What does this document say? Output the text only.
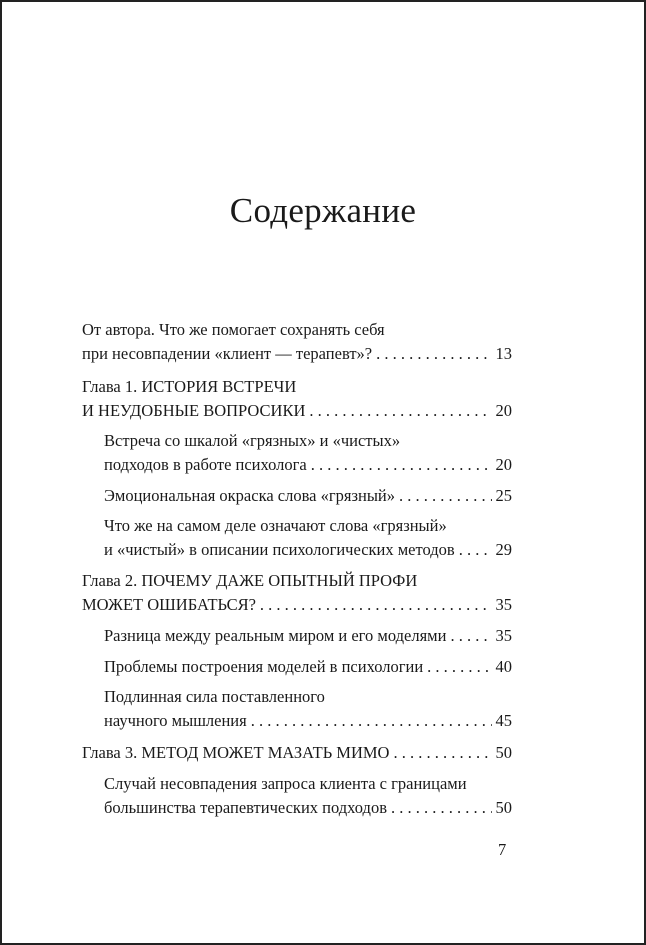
Содержание
От автора. Что же помогает сохранять себя
при несовпадении «клиент — терапевт»? . . .	13
Глава 1. ИСТОРИЯ ВСТРЕЧИ
И НЕУДОБНЫЕ ВОПРОСИКИ . . .	20
Встреча со шкалой «грязных» и «чистых»
подходов в работе психолога . . .	20
Эмоциональная окраска слова «грязный» . . .	25
Что же на самом деле означают слова «грязный»
и «чистый» в описании психологических методов . . . 29
Глава 2. ПОЧЕМУ ДАЖЕ ОПЫТНЫЙ ПРОФИ
МОЖЕТ ОШИБАТЬСЯ? . . .	35
Разница между реальным миром и его моделями . . .	35
Проблемы построения моделей в психологии . . .	40
Подлинная сила поставленного
научного мышления . . .	45
Глава 3. МЕТОД МОЖЕТ МАЗАТЬ МИМО . . .	50
Случай несовпадения запроса клиента с границами
большинства терапевтических подходов . . .	50
7
